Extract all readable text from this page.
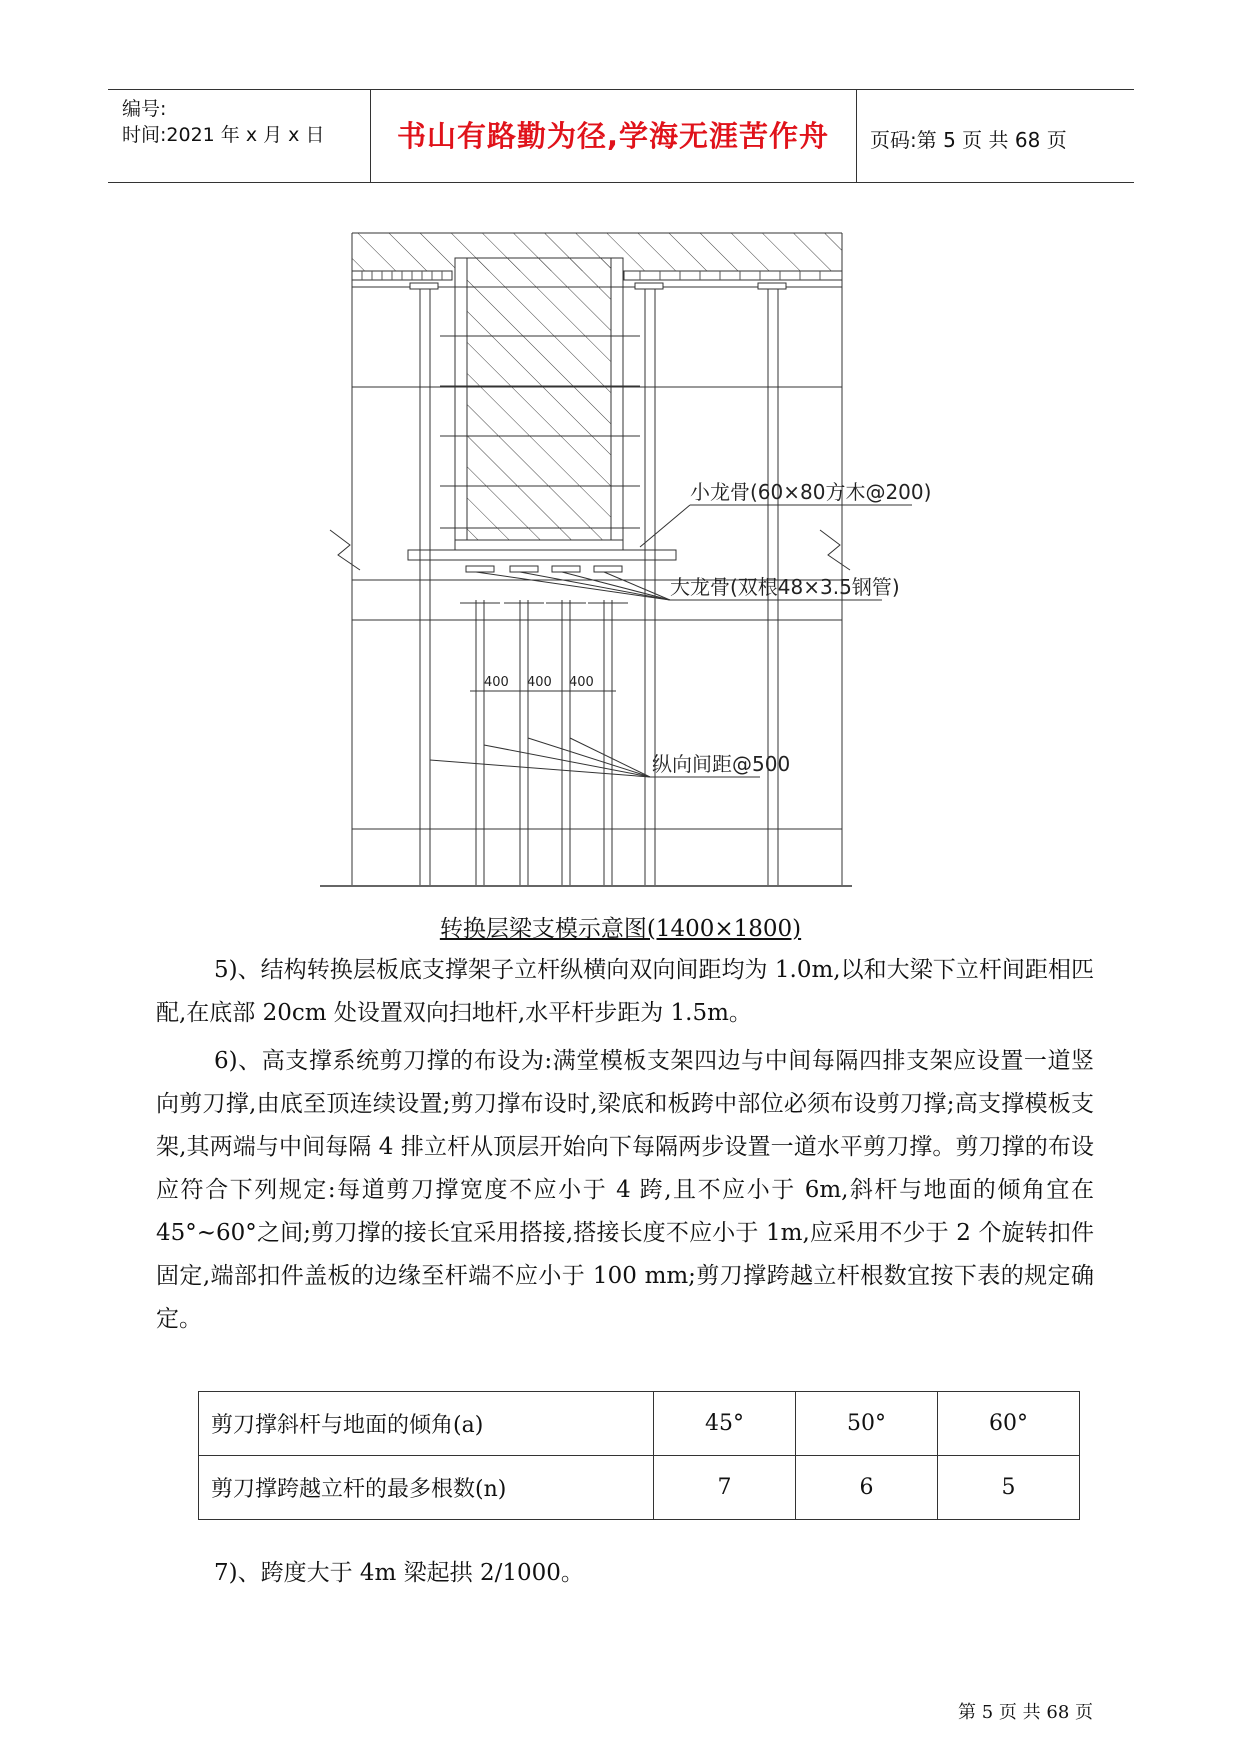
编号:
时间:2021 年 x 月 x 日	书山有路勤为径,学海无涯苦作舟	页码:第 5 页 共 68 页
小龙骨(60×80方木@200)
大龙骨(双根48×3.5钢管)
纵向间距@500
400 400 400
转换层梁支模示意图(1400×1800)

5)、结构转换层板底支撑架子立杆纵横向双向间距均为 1.0m,以和大梁下立杆间距相匹配,在底部 20cm 处设置双向扫地杆,水平杆步距为 1.5m。

6)、高支撑系统剪刀撑的布设为:满堂模板支架四边与中间每隔四排支架应设置一道竖向剪刀撑,由底至顶连续设置;剪刀撑布设时,梁底和板跨中部位必须布设剪刀撑;高支撑模板支架,其两端与中间每隔 4 排立杆从顶层开始向下每隔两步设置一道水平剪刀撑。剪刀撑的布设应符合下列规定:每道剪刀撑宽度不应小于 4 跨,且不应小于 6m,斜杆与地面的倾角宜在 45°~60°之间;剪刀撑的接长宜采用搭接,搭接长度不应小于 1m,应采用不少于 2 个旋转扣件固定,端部扣件盖板的边缘至杆端不应小于 100 mm;剪刀撑跨越立杆根数宜按下表的规定确定。

剪刀撑斜杆与地面的倾角(a)	45°	50°	60°
剪刀撑跨越立杆的最多根数(n)	7	6	5

7)、跨度大于 4m 梁起拱 2/1000。

第 5 页 共 68 页
